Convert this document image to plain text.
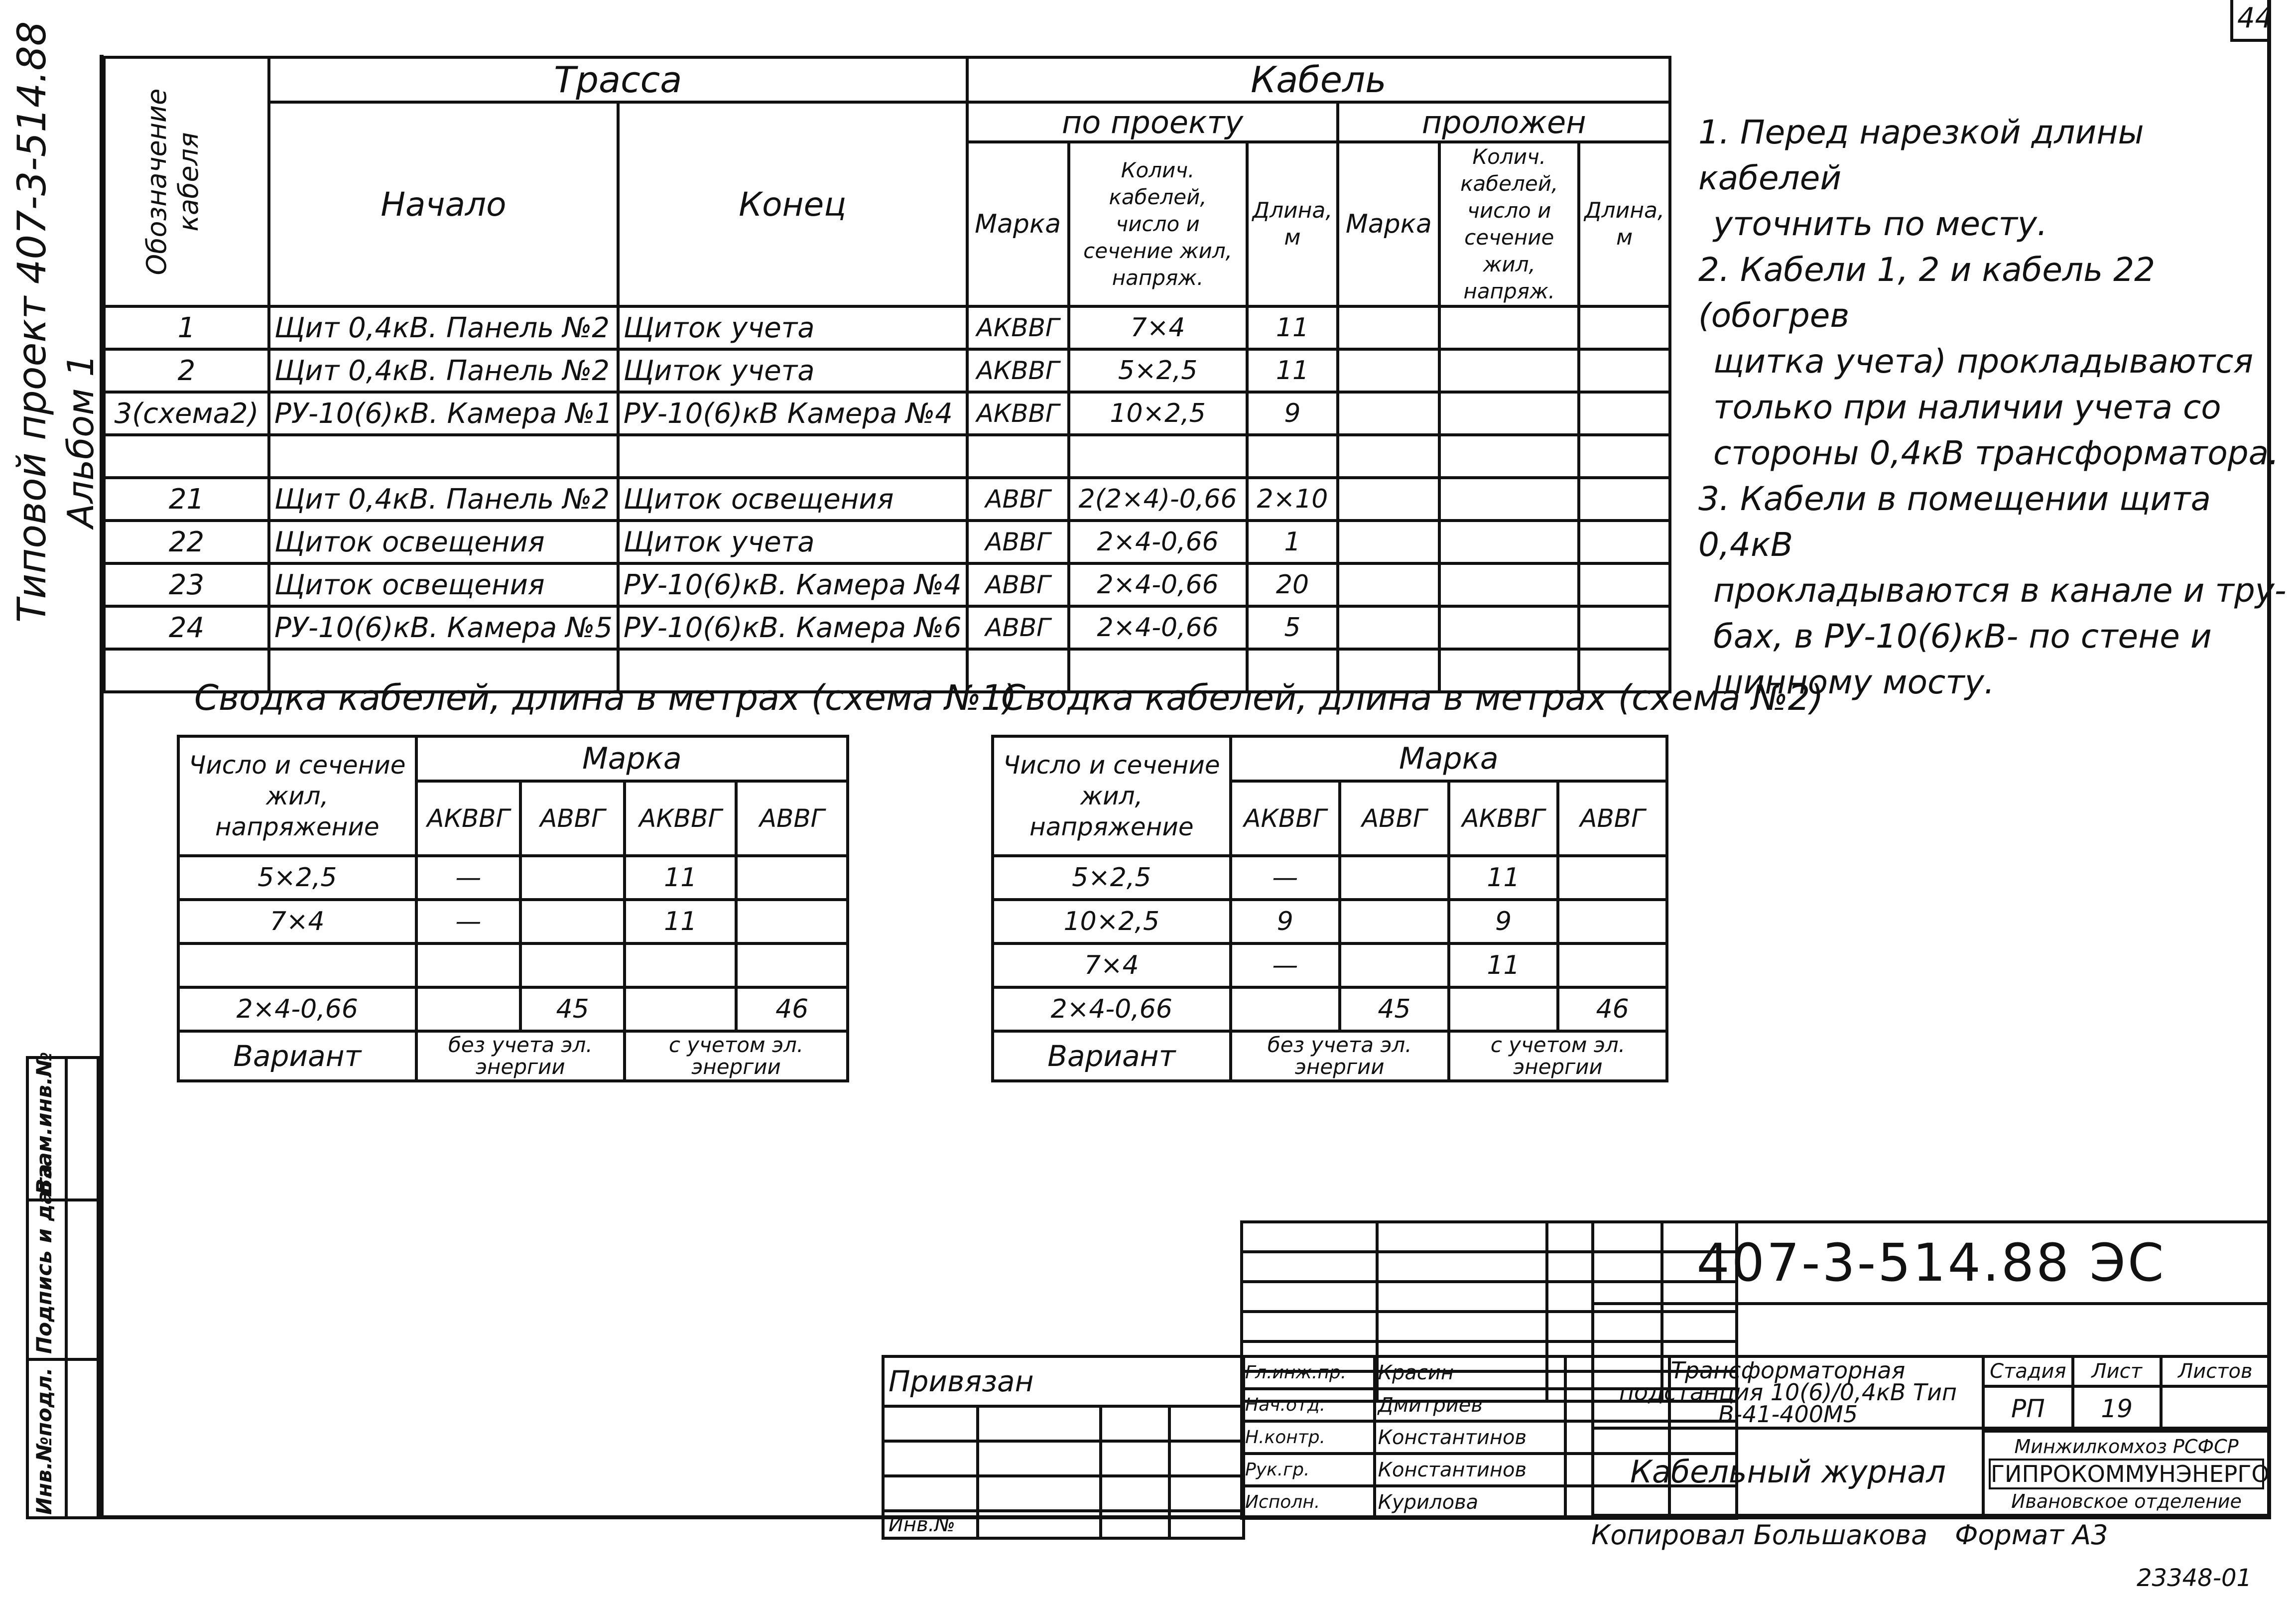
44
Типовой проект 407-3-514.88 Альбом 1
Инв.№подл.
Подпись и дата
Взам.инв.№
Обозначение кабеля	Трасса		Кабель					
	Начало	Конец	по проекту			проложен		
			Марка	Колич. кабелей, число и сечение жил, напряж.	Длина, м	Марка	Колич. кабелей, число и сечение жил, напряж.	Длина, м
1	Щит 0,4кВ. Панель №2	Щиток учета	АКВВГ	7×4	11			
2	Щит 0,4кВ. Панель №2	Щиток учета	АКВВГ	5×2,5	11			
3(схема2)	РУ-10(6)кВ. Камера №1	РУ-10(6)кВ Камера №4	АКВВГ	10×2,5	9			

21	Щит 0,4кВ. Панель №2	Щиток освещения	АВВГ	2(2×4)-0,66	2×10			
22	Щиток освещения	Щиток учета	АВВГ	2×4-0,66	1			
23	Щиток освещения	РУ-10(6)кВ. Камера №4	АВВГ	2×4-0,66	20			
24	РУ-10(6)кВ. Камера №5	РУ-10(6)кВ. Камера №6	АВВГ	2×4-0,66	5			

1. Перед нарезкой длины кабелей
уточнить по месту.
2. Кабели 1, 2 и кабель 22 (обогрев
щитка учета) прокладываются
только при наличии учета со
стороны 0,4кВ трансформатора.
3. Кабели в помещении щита 0,4кВ
прокладываются в канале и тру-
бах, в РУ-10(6)кВ- по стене и
шинному мосту.
Сводка кабелей, длина в метрах (схема №1)
Число и сечение жил, напряжение	Марка			
	АКВВГ	АВВГ	АКВВГ	АВВГ
5×2,5	—		11	
7×4	—		11	

2×4-0,66		45		46
Вариант	без учета эл. энергии		с учетом эл. энергии	
Сводка кабелей, длина в метрах (схема №2)
Число и сечение жил, напряжение	Марка			
	АКВВГ	АВВГ	АКВВГ	АВВГ
5×2,5	—		11	
10×2,5	9		9	
7×4	—		11	
2×4-0,66		45		46
Вариант	без учета эл. энергии		с учетом эл. энергии	

Привязан			

Инв.№			
Гл.инж.пр.	Красин		
Нач.отд.	Дмитриев		
Н.контр.	Константинов		
Рук.гр.	Константинов		
Исполн.	Курилова		
407-3-514.88 ЭС
Трансформаторная подстанция 10(6)/0,4кВ Тип В-41-400М5
Кабельный журнал
Стадия	Лист	Листов
РП	19	
Минжилкомхоз РСФСР
ГИПРОКОММУНЭНЕРГО
Ивановское отделение
Копировал Большакова Формат А3
23348-01
